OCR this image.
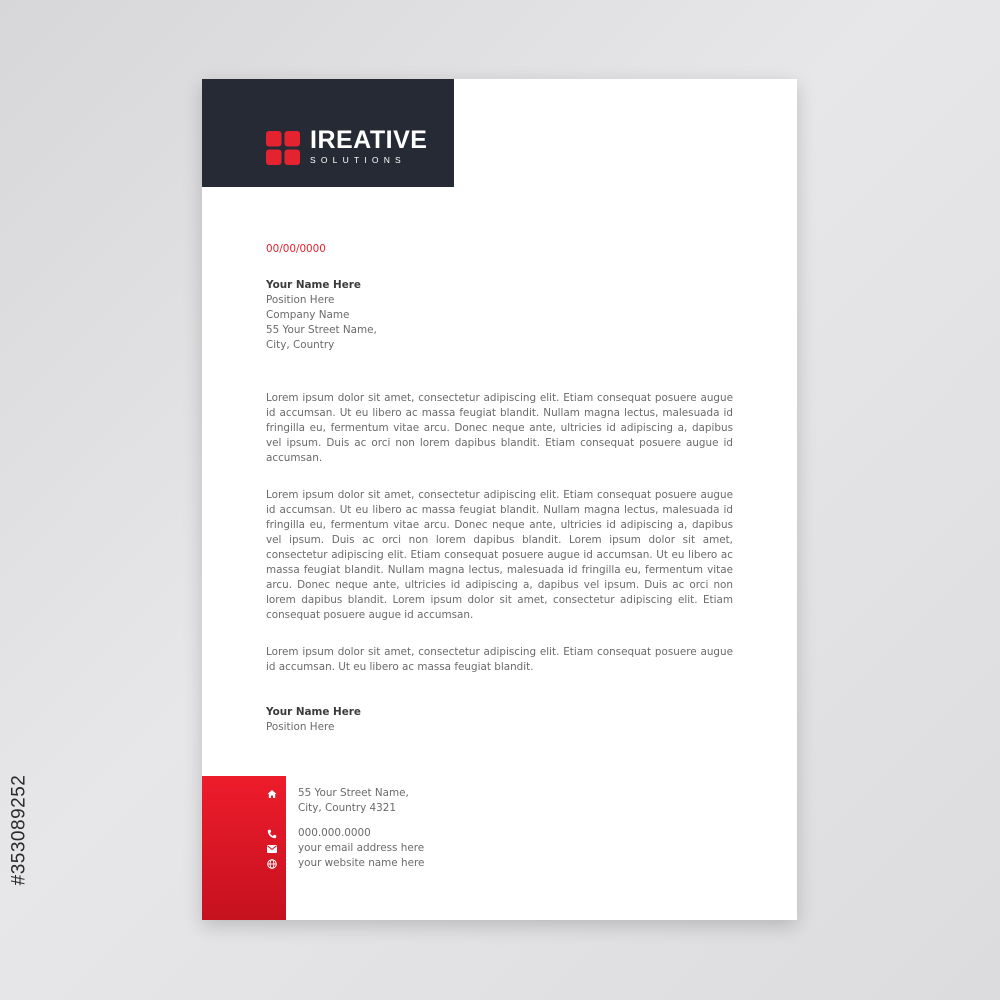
#353089252
IREATIVE
SOLUTIONS
00/00/0000
Your Name Here
Position Here
Company Name
55 Your Street Name,
City, Country

Lorem ipsum dolor sit amet, consectetur adipiscing elit. Etiam consequat posuere augue id accumsan. Ut eu libero ac massa feugiat blandit. Nullam magna lectus, malesuada id fringilla eu, fermentum vitae arcu. Donec neque ante, ultricies id adipiscing a, dapibus vel ipsum. Duis ac orci non lorem dapibus blandit. Etiam consequat posuere augue id accumsan.

Lorem ipsum dolor sit amet, consectetur adipiscing elit. Etiam consequat posuere augue id accumsan. Ut eu libero ac massa feugiat blandit. Nullam magna lectus, malesuada id fringilla eu, fermentum vitae arcu. Donec neque ante, ultricies id adipiscing a, dapibus vel ipsum. Duis ac orci non lorem dapibus blandit. Lorem ipsum dolor sit amet, consectetur adipiscing elit. Etiam consequat posuere augue id accumsan. Ut eu libero ac massa feugiat blandit. Nullam magna lectus, malesuada id fringilla eu, fermentum vitae arcu. Donec neque ante, ultricies id adipiscing a, dapibus vel ipsum. Duis ac orci non lorem dapibus blandit. Lorem ipsum dolor sit amet, consectetur adipiscing elit. Etiam consequat posuere augue id accumsan.

Lorem ipsum dolor sit amet, consectetur adipiscing elit. Etiam consequat posuere augue id accumsan. Ut eu libero ac massa feugiat blandit.

Your Name Here
Position Here
55 Your Street Name,
City, Country 4321
000.000.0000
your email address here
your website name here
